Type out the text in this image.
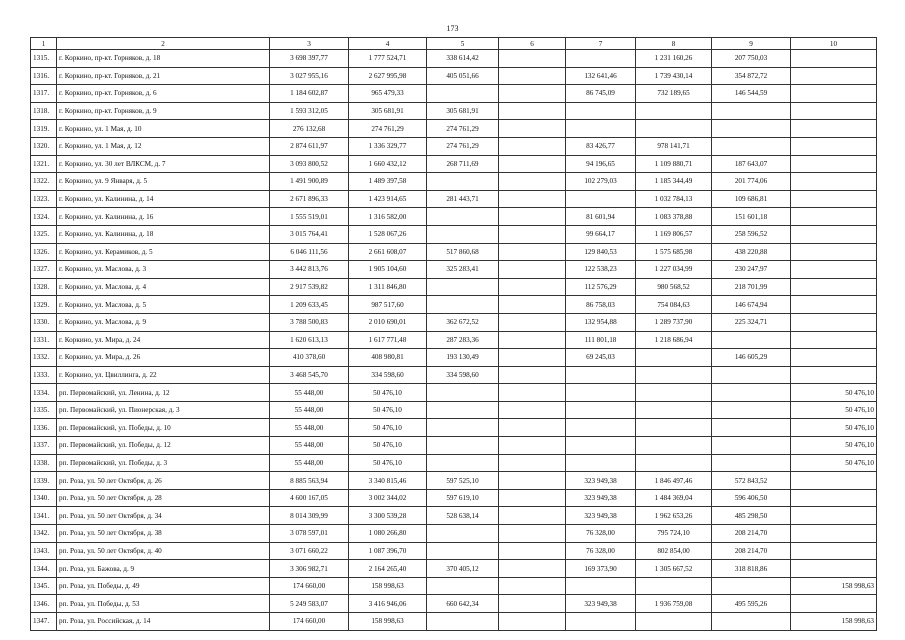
173
1	2	3	4	5	6	7	8	9	10
1315.	г. Коркино, пр-кт. Горняков, д. 18	3 698 397,77	1 777 524,71	338 614,42			1 231 160,26	207 750,03	
1316.	г. Коркино, пр-кт. Горняков, д. 21	3 027 955,16	2 627 995,98	405 051,66		132 641,46	1 739 430,14	354 872,72	
1317.	г. Коркино, пр-кт. Горняков, д. 6	1 184 602,87	965 479,33			86 745,09	732 189,65	146 544,59	
1318.	г. Коркино, пр-кт. Горняков, д. 9	1 593 312,05	305 681,91	305 681,91					
1319.	г. Коркино, ул. 1 Мая, д. 10	276 132,68	274 761,29	274 761,29					
1320.	г. Коркино, ул. 1 Мая, д. 12	2 874 611,97	1 336 329,77	274 761,29		83 426,77	978 141,71		
1321.	г. Коркино, ул. 30 лет ВЛКСМ, д. 7	3 093 800,52	1 660 432,12	268 711,69		94 196,65	1 109 880,71	187 643,07	
1322.	г. Коркино, ул. 9 Января, д. 5	1 491 900,89	1 489 397,58			102 279,03	1 185 344,49	201 774,06	
1323.	г. Коркино, ул. Калинина, д. 14	2 671 896,33	1 423 914,65	281 443,71			1 032 784,13	109 686,81	
1324.	г. Коркино, ул. Калинина, д. 16	1 555 519,01	1 316 582,00			81 601,94	1 083 378,88	151 601,18	
1325.	г. Коркино, ул. Калинина, д. 18	3 015 764,41	1 528 067,26			99 664,17	1 169 806,57	258 596,52	
1326.	г. Коркино, ул. Керамиков, д. 5	6 046 111,56	2 661 608,07	517 860,68		129 840,53	1 575 685,98	438 220,88	
1327.	г. Коркино, ул. Маслова, д. 3	3 442 813,76	1 905 104,60	325 283,41		122 538,23	1 227 034,99	230 247,97	
1328.	г. Коркино, ул. Маслова, д. 4	2 917 539,82	1 311 846,80			112 576,29	980 568,52	218 701,99	
1329.	г. Коркино, ул. Маслова, д. 5	1 209 633,45	987 517,60			86 758,03	754 084,63	146 674,94	
1330.	г. Коркино, ул. Маслова, д. 9	3 788 500,83	2 010 690,01	362 672,52		132 954,88	1 289 737,90	225 324,71	
1331.	г. Коркино, ул. Мира, д. 24	1 620 613,13	1 617 771,48	287 283,36		111 801,18	1 218 686,94		
1332.	г. Коркино, ул. Мира, д. 26	410 378,60	408 980,81	193 130,49		69 245,03		146 605,29	
1333.	г. Коркино, ул. Цвиллинга, д. 22	3 468 545,70	334 598,60	334 598,60					
1334.	рп. Первомайский, ул. Ленина, д. 12	55 448,00	50 476,10						50 476,10
1335.	рп. Первомайский, ул. Пионерская, д. 3	55 448,00	50 476,10						50 476,10
1336.	рп. Первомайский, ул. Победы, д. 10	55 448,00	50 476,10						50 476,10
1337.	рп. Первомайский, ул. Победы, д. 12	55 448,00	50 476,10						50 476,10
1338.	рп. Первомайский, ул. Победы, д. 3	55 448,00	50 476,10						50 476,10
1339.	рп. Роза, ул. 50 лет Октября, д. 26	8 885 563,94	3 340 815,46	597 525,10		323 949,38	1 846 497,46	572 843,52	
1340.	рп. Роза, ул. 50 лет Октября, д. 28	4 600 167,05	3 002 344,02	597 619,10		323 949,38	1 484 369,04	596 406,50	
1341.	рп. Роза, ул. 50 лет Октября, д. 34	8 014 309,99	3 300 539,28	528 638,14		323 949,38	1 962 653,26	485 298,50	
1342.	рп. Роза, ул. 50 лет Октября, д. 38	3 078 597,01	1 080 266,80			76 328,00	795 724,10	208 214,70	
1343.	рп. Роза, ул. 50 лет Октября, д. 40	3 071 660,22	1 087 396,70			76 328,00	802 854,00	208 214,70	
1344.	рп. Роза, ул. Бажова, д. 9	3 306 982,71	2 164 265,40	370 405,12		169 373,90	1 305 667,52	318 818,86	
1345.	рп. Роза, ул. Победы, д. 49	174 660,00	158 998,63						158 998,63
1346.	рп. Роза, ул. Победы, д. 53	5 249 583,07	3 416 946,06	660 642,34		323 949,38	1 936 759,08	495 595,26	
1347.	рп. Роза, ул. Российская, д. 14	174 660,00	158 998,63						158 998,63
